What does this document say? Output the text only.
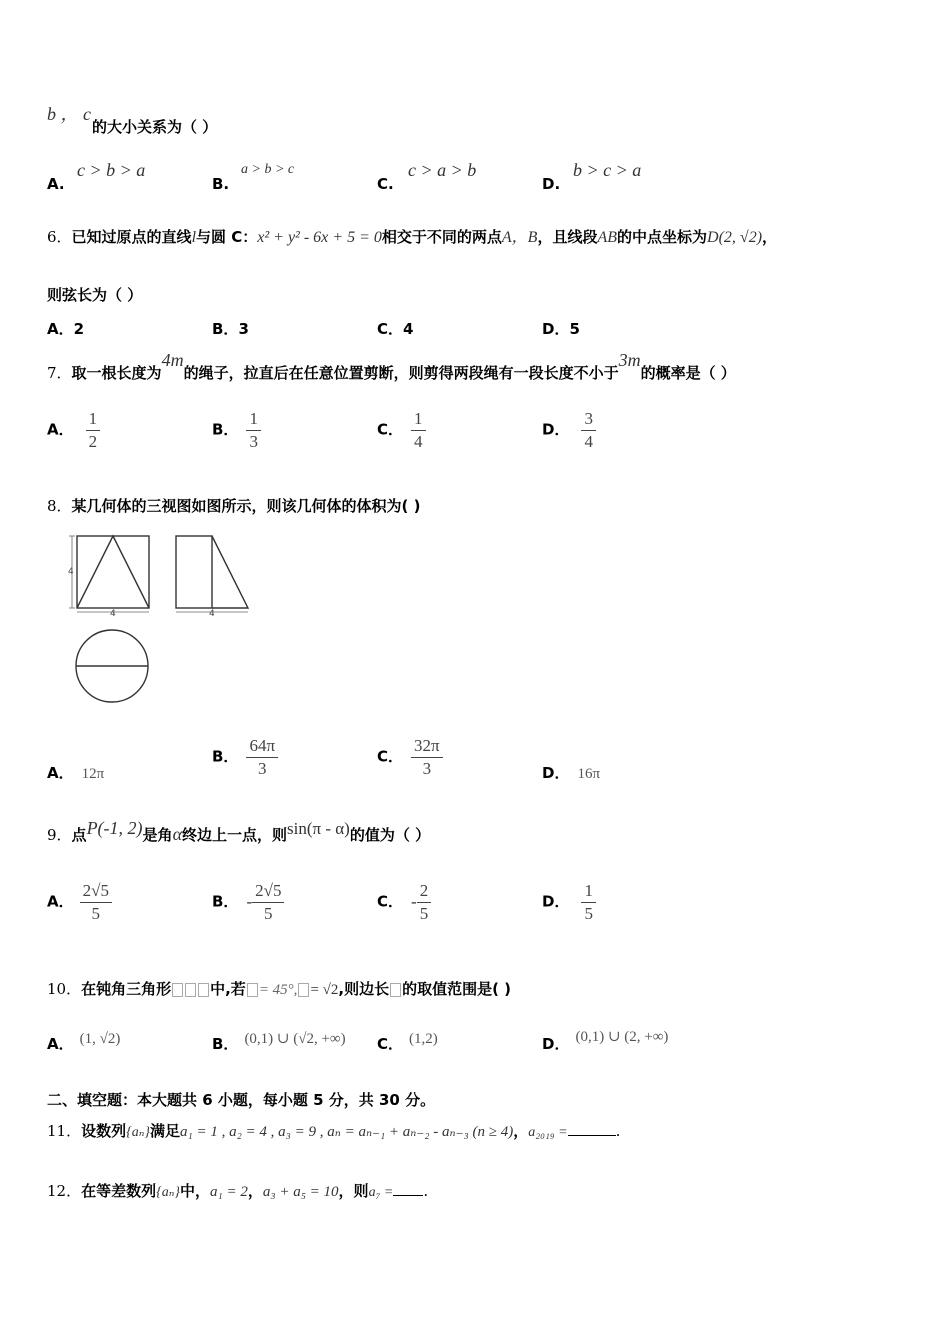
b ， c
的大小关系为（ ）
A.
c > b > a
B.
a > b > c
C.
c > a > b
D.
b > c > a
6．已知过原点的直线l与圆 C：x² + y² - 6x + 5 = 0相交于不同的两点A，B，且线段AB的中点坐标为D(2, √2)，
则弦长为（ ）
A．2	B．3	C．4	D．5
7．取一根长度为4m的绳子，拉直后在任意位置剪断，则剪得两段绳有一段长度不小于3m的概率是（ ）
A． $\frac{1}{2}$	B． $\frac{1}{3}$	C． $\frac{1}{4}$	D． $\frac{3}{4}$
8．某几何体的三视图如图所示，则该几何体的体积为( )
4
4	4
A． 12π
B． $\frac{64\pi}{3}$	C． $\frac{32\pi}{3}$	D． 16π
9．点P(-1, 2)是角α终边上一点，则sin(π - α)的值为（ ）
A． $\frac{2√5}{5}$	B． - $\frac{2√5}{5}$	C． - $\frac{2}{5}$	D． $\frac{1}{5}$
10．在钝角三角形	中,若 = 45°, = √2,则边长 的取值范围是( )
A． (1, √2)	B． (0,1) ∪ (√2, +∞) C． (1,2)	D． (0,1) ∪ (2, +∞)
二、填空题：本大题共 6 小题，每小题 5 分，共 30 分。
11．设数列{aₙ}满足a₁ = 1 , a₂ = 4 , a₃ = 9 , aₙ = aₙ₋₁ + aₙ₋₂ - aₙ₋₃ (n ≥ 4)，a₂₀₁₉ =	.
12．在等差数列{aₙ}中，a₁ = 2，a₃ + a₅ = 10，则a₇ = .
